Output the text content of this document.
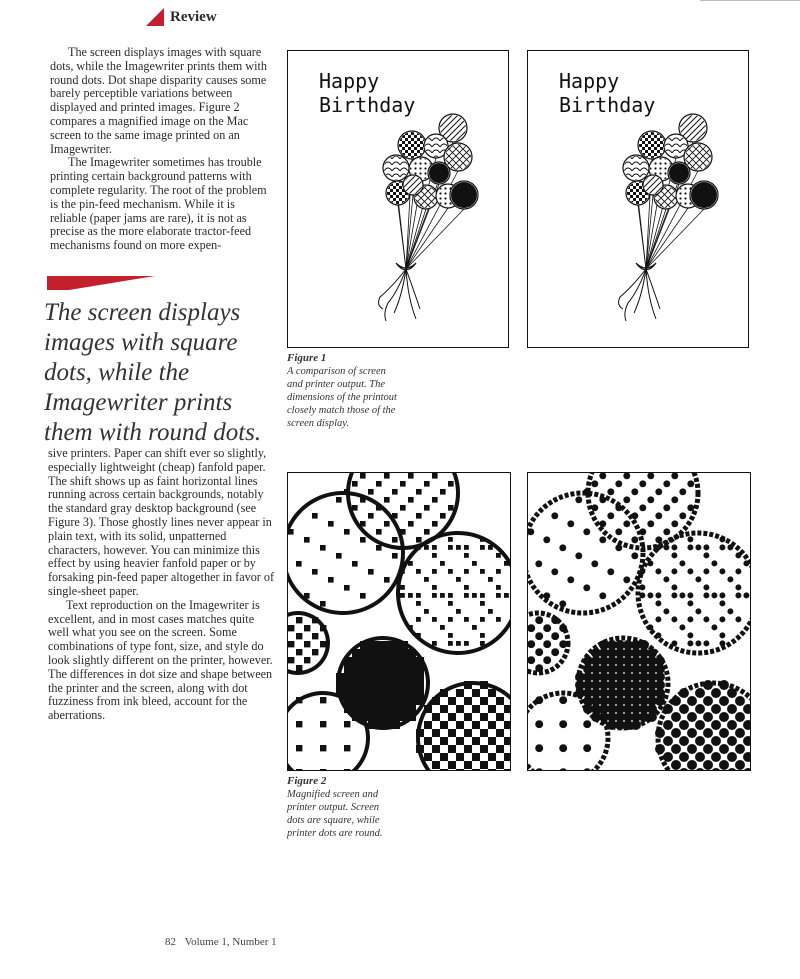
Review

The screen displays images with square dots, while the Imagewriter prints them with round dots. Dot shape disparity causes some barely perceptible variations between displayed and printed images. Figure 2 compares a magnified image on the Mac screen to the same image printed on an Imagewriter.

The Imagewriter sometimes has trouble printing certain background patterns with complete regularity. The root of the problem is the pin-feed mechanism. While it is reliable (paper jams are rare), it is not as precise as the more elaborate tractor-feed mechanisms found on more expen-

The screen displays images with square dots, while the Imagewriter prints them with round dots.

sive printers. Paper can shift ever so slightly, especially lightweight (cheap) fanfold paper. The shift shows up as faint horizontal lines running across certain backgrounds, notably the standard gray desktop background (see Figure 3). Those ghostly lines never appear in plain text, with its solid, unpatterned characters, however. You can minimize this effect by using heavier fanfold paper or by forsaking pin-feed paper altogether in favor of single-sheet paper.

Text reproduction on the Imagewriter is excellent, and in most cases matches quite well what you see on the screen. Some combinations of type font, size, and style do look slightly different on the printer, however. The differences in dot size and shape between the printer and the screen, along with dot fuzziness from ink bleed, account for the aberrations.

Happy
Birthday
Happy
Birthday
Figure 1
A comparison of screen and printer output. The dimensions of the printout closely match those of the screen display.
Figure 2
Magnified screen and printer output. Screen dots are square, while printer dots are round.
82 Volume 1, Number 1
